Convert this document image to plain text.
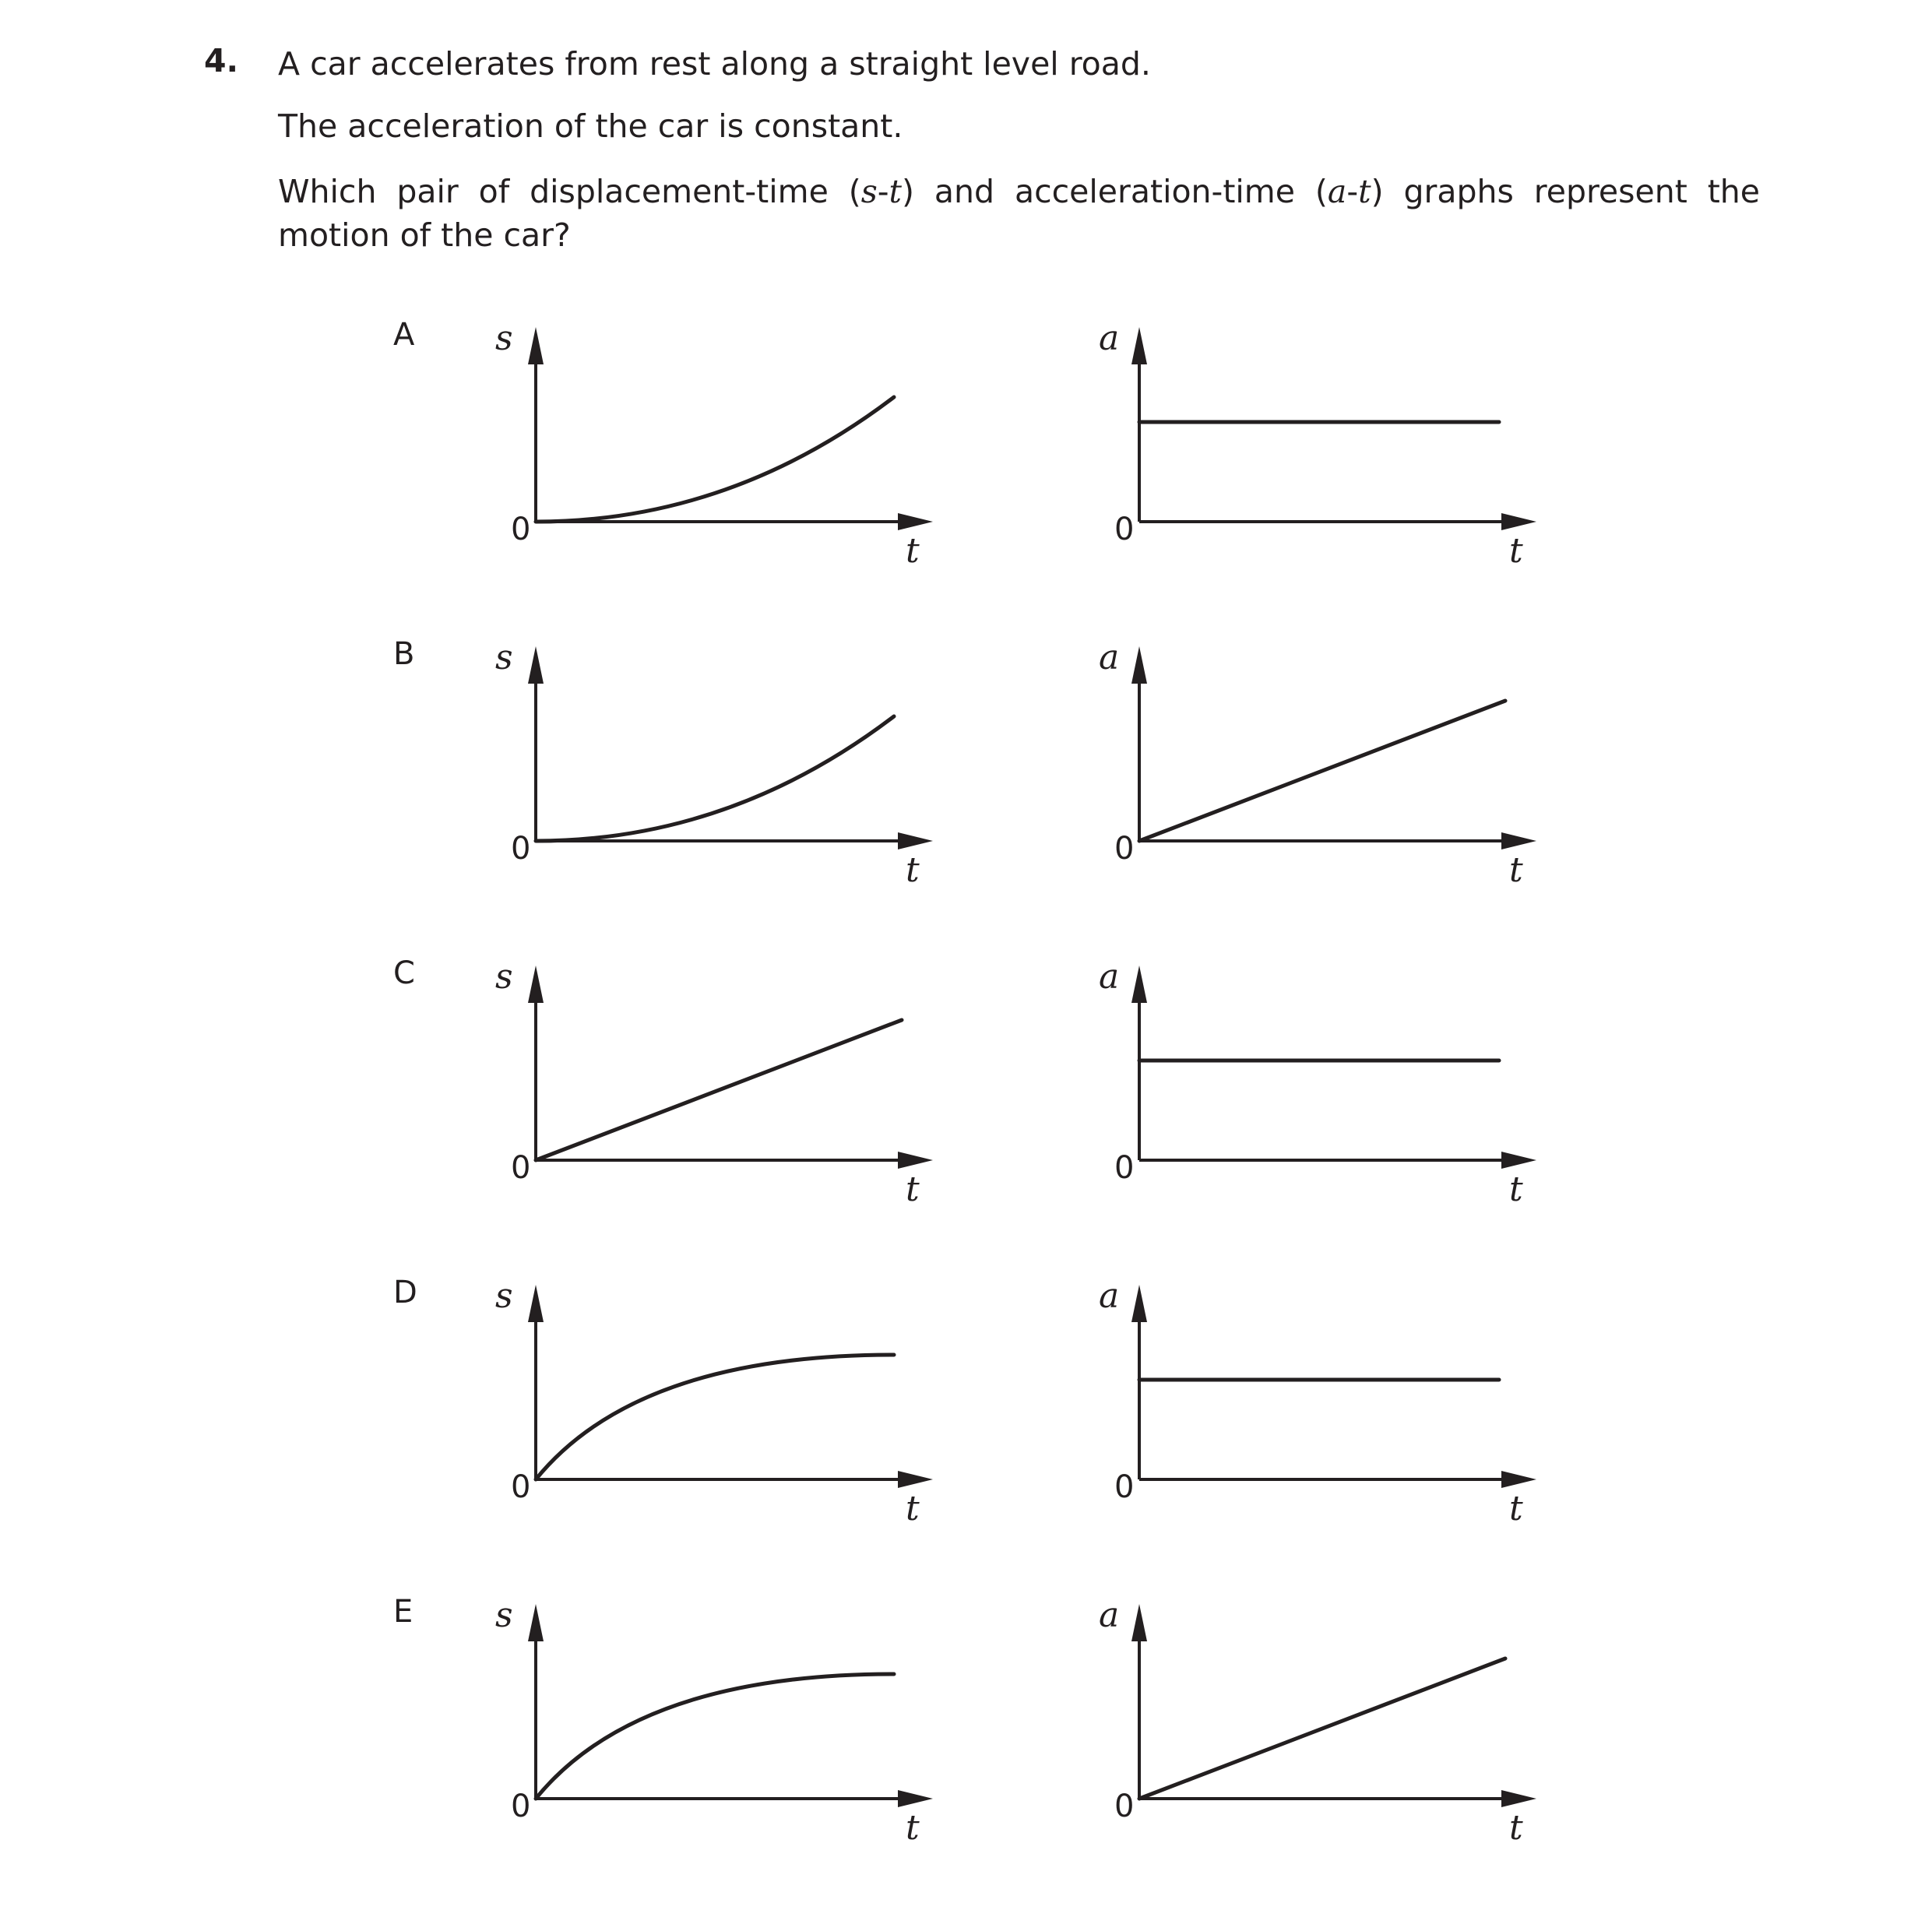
4. A car accelerates from rest along a straight level road.
The acceleration of the car is constant.
Which pair of displacement-time (s-t) and acceleration-time (a-t) graphs represent the motion of the car?
A s
t
0
a
t
0
B s
t
0
a
t
0
C s
t
0
a
t
0
D s
t
0
a
t
0
E s
t
0
a
t
0
